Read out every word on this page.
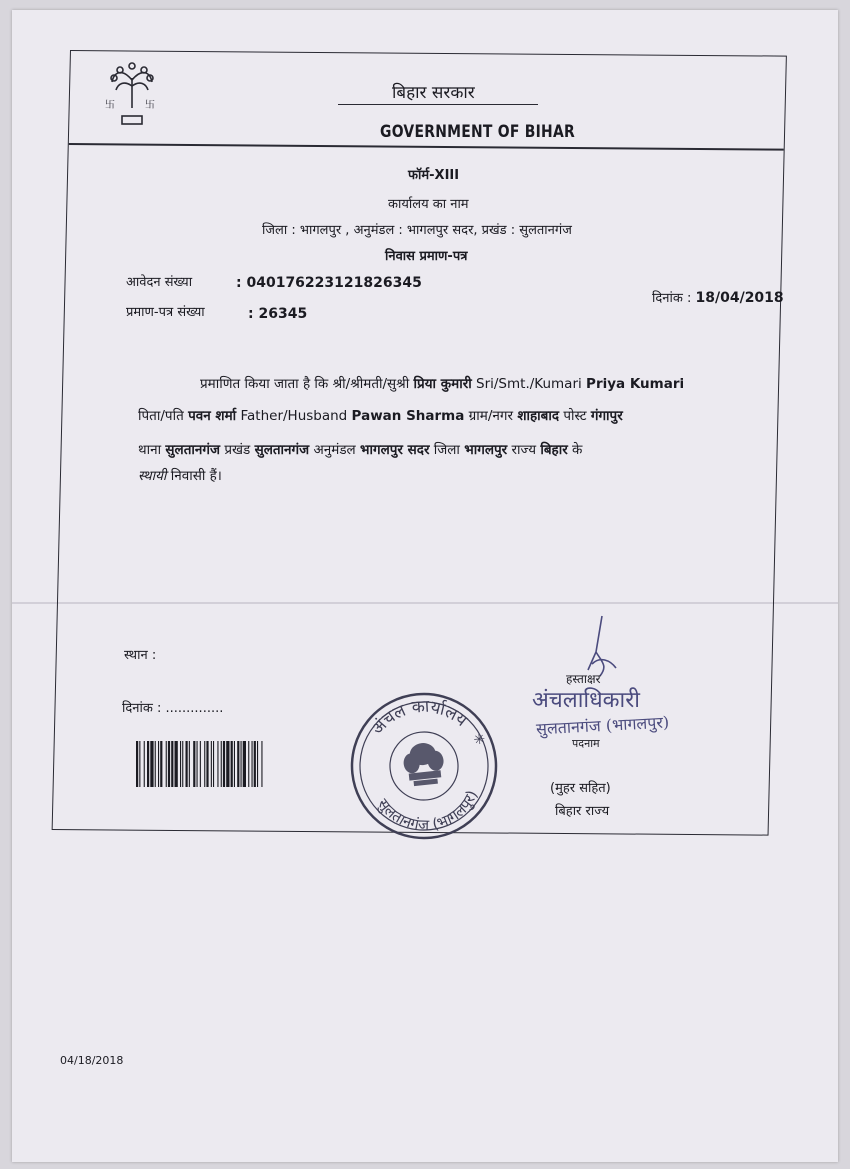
卐	卐
बिहार सरकार
GOVERNMENT OF BIHAR
फॉर्म-XIII
कार्यालय का नाम
जिला : भागलपुर , अनुमंडल : भागलपुर सदर, प्रखंड : सुलतानगंज
निवास प्रमाण-पत्र
आवेदन संख्या	: 040176223121826345
प्रमाण-पत्र संख्या	: 26345
दिनांक : 18/04/2018
प्रमाणित किया जाता है कि श्री/श्रीमती/सुश्री प्रिया कुमारी Sri/Smt./Kumari Priya Kumari
पिता/पति पवन शर्मा Father/Husband Pawan Sharma ग्राम/नगर शाहाबाद पोस्ट गंगापुर
थाना सुलतानगंज प्रखंड सुलतानगंज अनुमंडल भागलपुर सदर जिला भागलपुर राज्य बिहार के
स्थायी निवासी हैं।
स्थान :
दिनांक : ..............
अंचल कार्यालय
सुलतानगंज (भागलपुर)
✳
हस्ताक्षर
अंचलाधिकारी
सुलतानगंज (भागलपुर)
पदनाम
(मुहर सहित)
बिहार राज्य
04/18/2018
